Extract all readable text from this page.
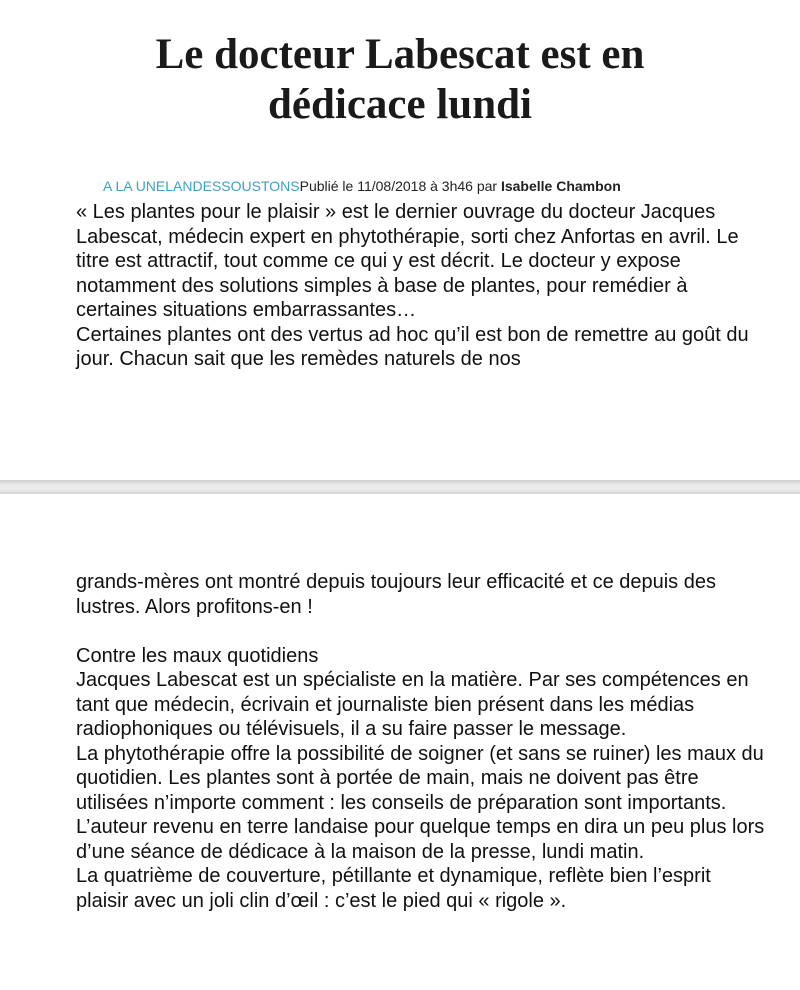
Le docteur Labescat est en
dédicace lundi
A LA UNELANDESSOUSTONSPublié le 11/08/2018 à 3h46 par Isabelle Chambon

« Les plantes pour le plaisir » est le dernier ouvrage du docteur Jacques Labescat, médecin expert en phytothérapie, sorti chez Anfortas en avril. Le titre est attractif, tout comme ce qui y est décrit. Le docteur y expose notamment des solutions simples à base de plantes, pour remédier à certaines situations embarrassantes…

Certaines plantes ont des vertus ad hoc qu’il est bon de remettre au goût du jour. Chacun sait que les remèdes naturels de nos

grands-mères ont montré depuis toujours leur efficacité et ce depuis des lustres. Alors profitons-en !

Contre les maux quotidiens

Jacques Labescat est un spécialiste en la matière. Par ses compétences en tant que médecin, écrivain et journaliste bien présent dans les médias radiophoniques ou télévisuels, il a su faire passer le message.

La phytothérapie offre la possibilité de soigner (et sans se ruiner) les maux du quotidien. Les plantes sont à portée de main, mais ne doivent pas être utilisées n’importe comment : les conseils de préparation sont importants. L’auteur revenu en terre landaise pour quelque temps en dira un peu plus lors d’une séance de dédicace à la maison de la presse, lundi matin.

La quatrième de couverture, pétillante et dynamique, reflète bien l’esprit plaisir avec un joli clin d’œil : c’est le pied qui « rigole ».
